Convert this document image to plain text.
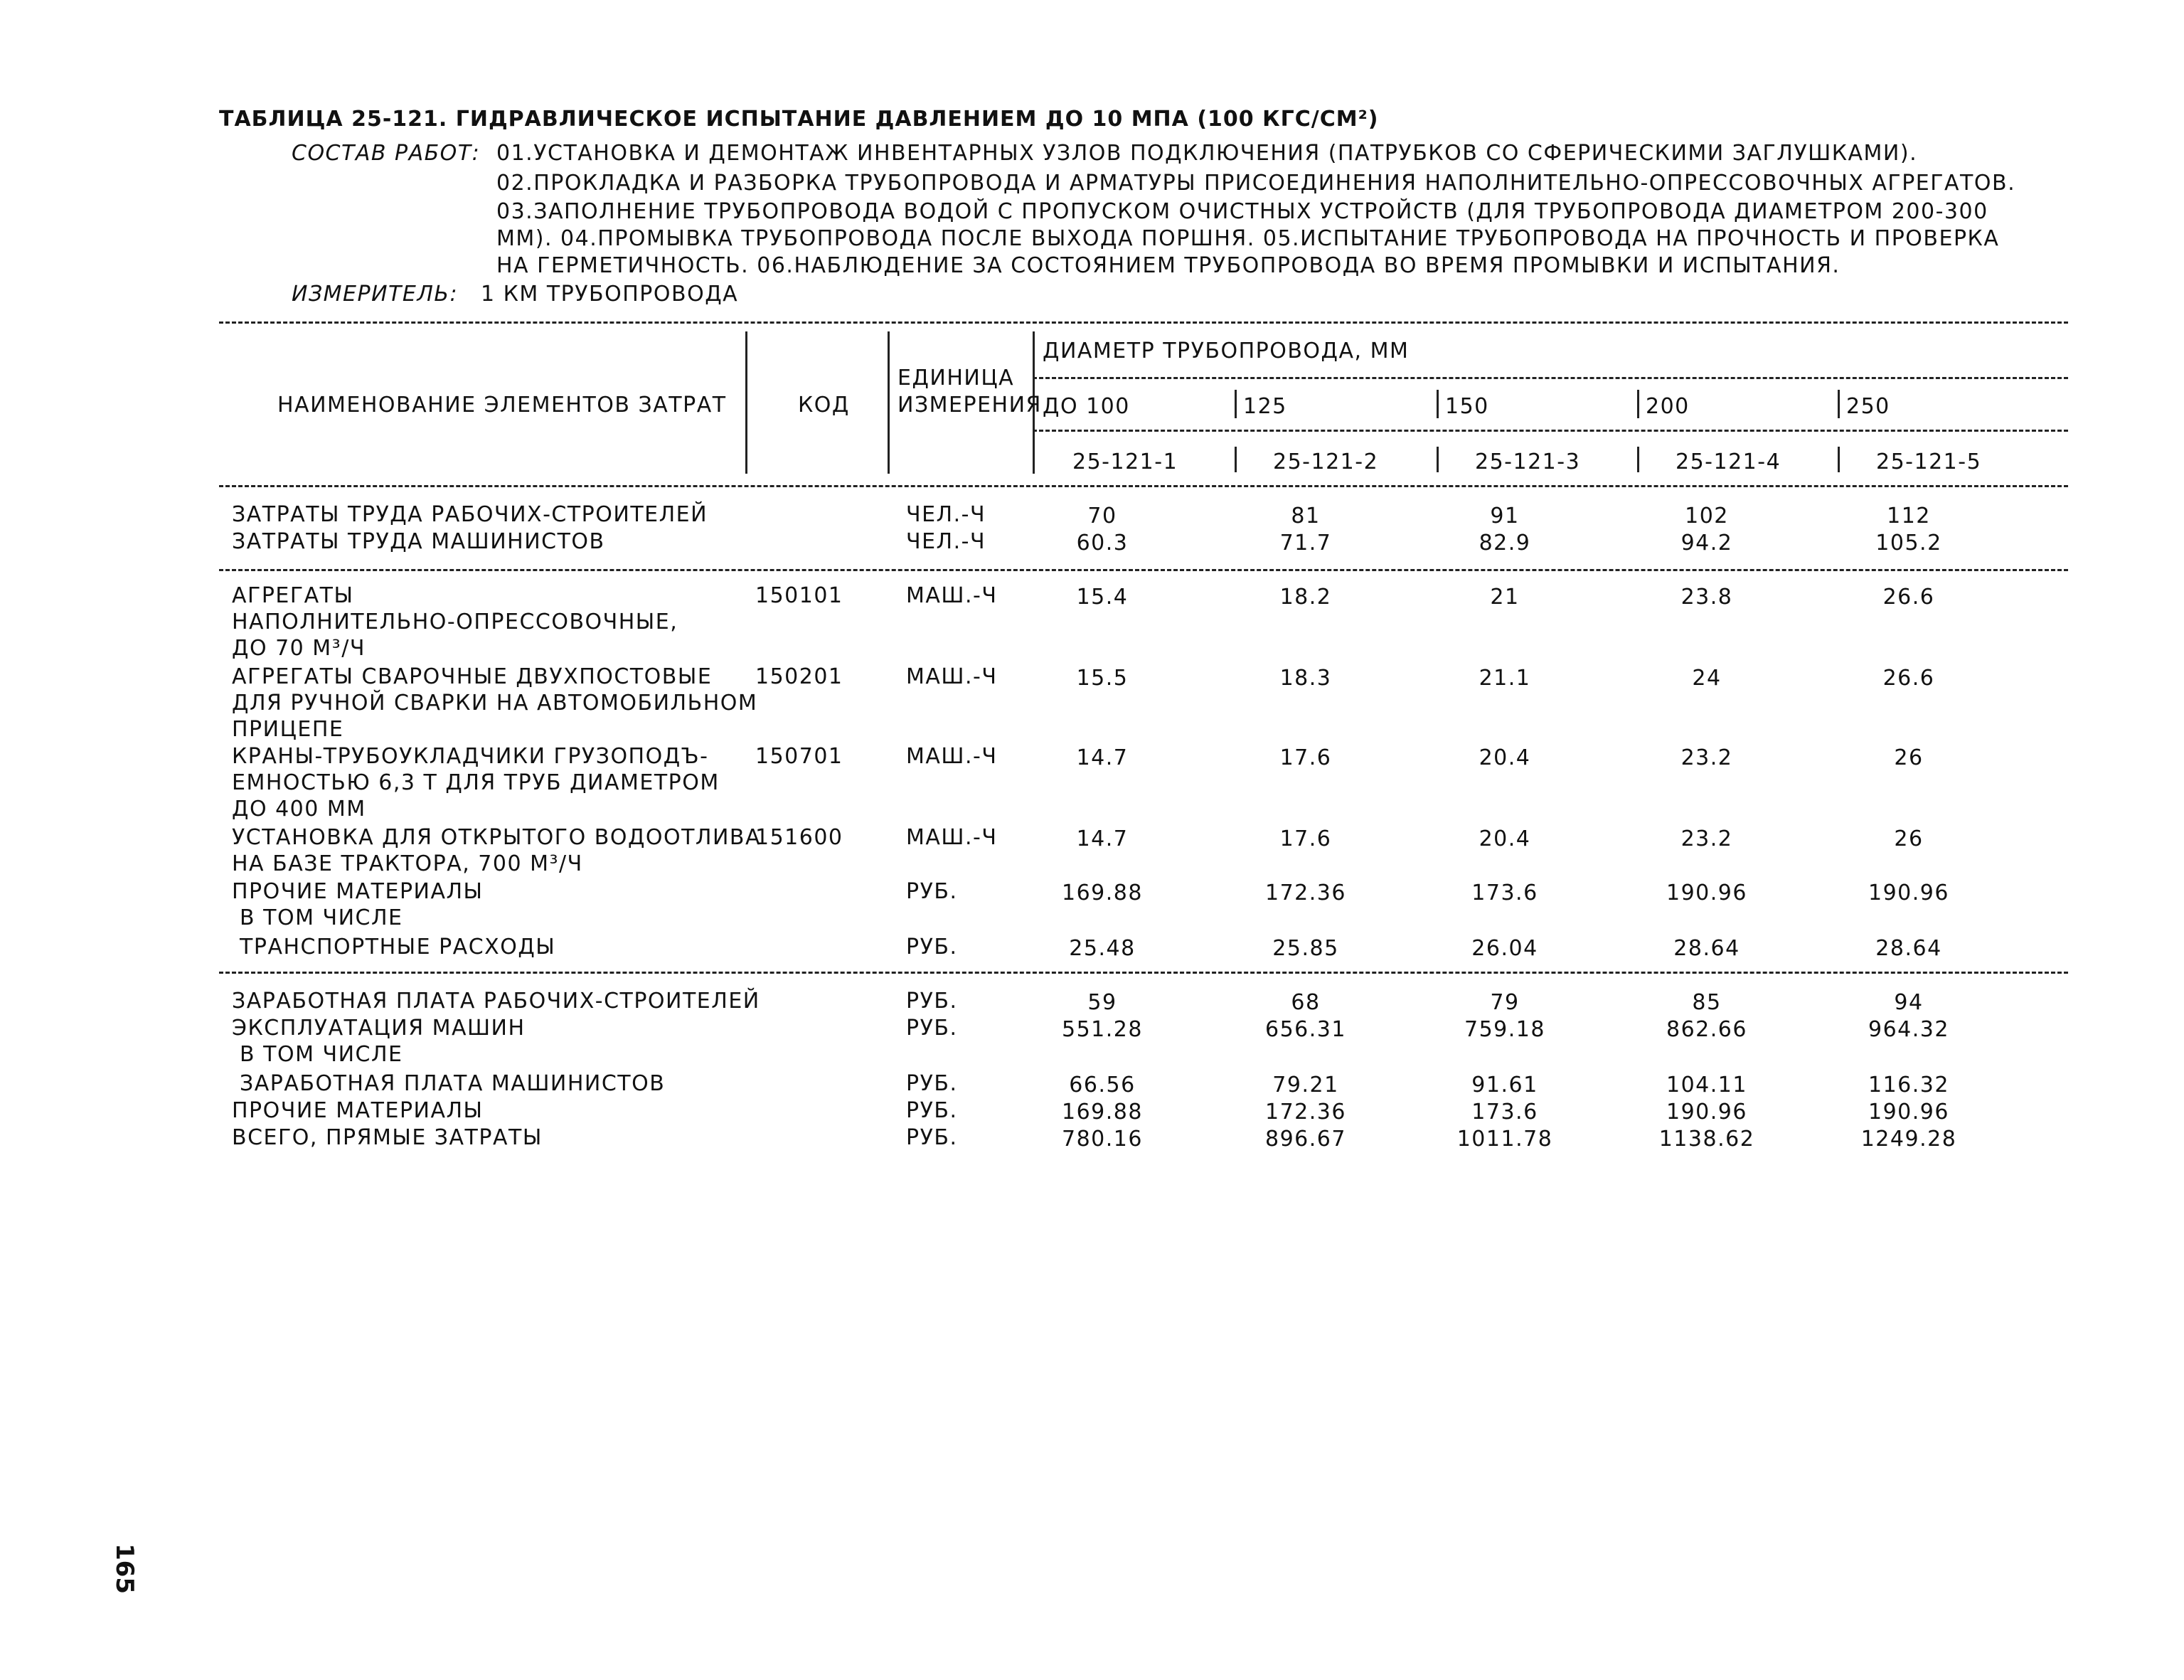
ТАБЛИЦА 25-121. ГИДРАВЛИЧЕСКОЕ ИСПЫТАНИЕ ДАВЛЕНИЕМ ДО 10 МПА (100 КГС/СМ²)
СОСТАВ РАБОТ: 01.УСТАНОВКА И ДЕМОНТАЖ ИНВЕНТАРНЫХ УЗЛОВ ПОДКЛЮЧЕНИЯ (ПАТРУБКОВ СО СФЕРИЧЕСКИМИ ЗАГЛУШКАМИ).
02.ПРОКЛАДКА И РАЗБОРКА ТРУБОПРОВОДА И АРМАТУРЫ ПРИСОЕДИНЕНИЯ НАПОЛНИТЕЛЬНО-ОПРЕССОВОЧНЫХ АГРЕГАТОВ.
03.ЗАПОЛНЕНИЕ ТРУБОПРОВОДА ВОДОЙ С ПРОПУСКОМ ОЧИСТНЫХ УСТРОЙСТВ (ДЛЯ ТРУБОПРОВОДА ДИАМЕТРОМ 200-300
ММ). 04.ПРОМЫВКА ТРУБОПРОВОДА ПОСЛЕ ВЫХОДА ПОРШНЯ. 05.ИСПЫТАНИЕ ТРУБОПРОВОДА НА ПРОЧНОСТЬ И ПРОВЕРКА
НА ГЕРМЕТИЧНОСТЬ. 06.НАБЛЮДЕНИЕ ЗА СОСТОЯНИЕМ ТРУБОПРОВОДА ВО ВРЕМЯ ПРОМЫВКИ И ИСПЫТАНИЯ.
ИЗМЕРИТЕЛЬ: 1 КМ ТРУБОПРОВОДА
НАИМЕНОВАНИЕ ЭЛЕМЕНТОВ ЗАТРАТ	КОД
ЕДИНИЦА
ИЗМЕРЕНИЯ
ДИАМЕТР ТРУБОПРОВОДА, ММ
ДО 100	125	150	200	250
25-121-1	25-121-2	25-121-3	25-121-4	25-121-5
ЗАТРАТЫ ТРУДА РАБОЧИХ-СТРОИТЕЛЕЙ	ЧЕЛ.-Ч	70	81	91	102	112
ЗАТРАТЫ ТРУДА МАШИНИСТОВ	ЧЕЛ.-Ч	60.3	71.7	82.9	94.2	105.2
АГРЕГАТЫ
НАПОЛНИТЕЛЬНО-ОПРЕССОВОЧНЫЕ,
ДО 70 М³/Ч
150101	МАШ.-Ч	15.4	18.2	21	23.8	26.6
АГРЕГАТЫ СВАРОЧНЫЕ ДВУХПОСТОВЫЕ
ДЛЯ РУЧНОЙ СВАРКИ НА АВТОМОБИЛЬНОМ
ПРИЦЕПЕ
150201	МАШ.-Ч	15.5	18.3	21.1	24	26.6
КРАНЫ-ТРУБОУКЛАДЧИКИ ГРУЗОПОДЪ-
ЕМНОСТЬЮ 6,3 Т ДЛЯ ТРУБ ДИАМЕТРОМ
ДО 400 ММ
150701	МАШ.-Ч	14.7	17.6	20.4	23.2	26
УСТАНОВКА ДЛЯ ОТКРЫТОГО ВОДООТЛИВА
НА БАЗЕ ТРАКТОРА, 700 М³/Ч
151600	МАШ.-Ч	14.7	17.6	20.4	23.2	26
ПРОЧИЕ МАТЕРИАЛЫ
В ТОМ ЧИСЛЕ
РУБ.	169.88	172.36	173.6	190.96	190.96
ТРАНСПОРТНЫЕ РАСХОДЫ	РУБ.	25.48	25.85	26.04	28.64	28.64
ЗАРАБОТНАЯ ПЛАТА РАБОЧИХ-СТРОИТЕЛЕЙ	РУБ.	59	68	79	85	94
ЭКСПЛУАТАЦИЯ МАШИН
В ТОМ ЧИСЛЕ
РУБ.	551.28	656.31	759.18	862.66	964.32
ЗАРАБОТНАЯ ПЛАТА МАШИНИСТОВ	РУБ.	66.56	79.21	91.61	104.11	116.32
ПРОЧИЕ МАТЕРИАЛЫ	РУБ.	169.88	172.36	173.6	190.96	190.96
ВСЕГО, ПРЯМЫЕ ЗАТРАТЫ	РУБ.	780.16	896.67	1011.78	1138.62	1249.28
165
